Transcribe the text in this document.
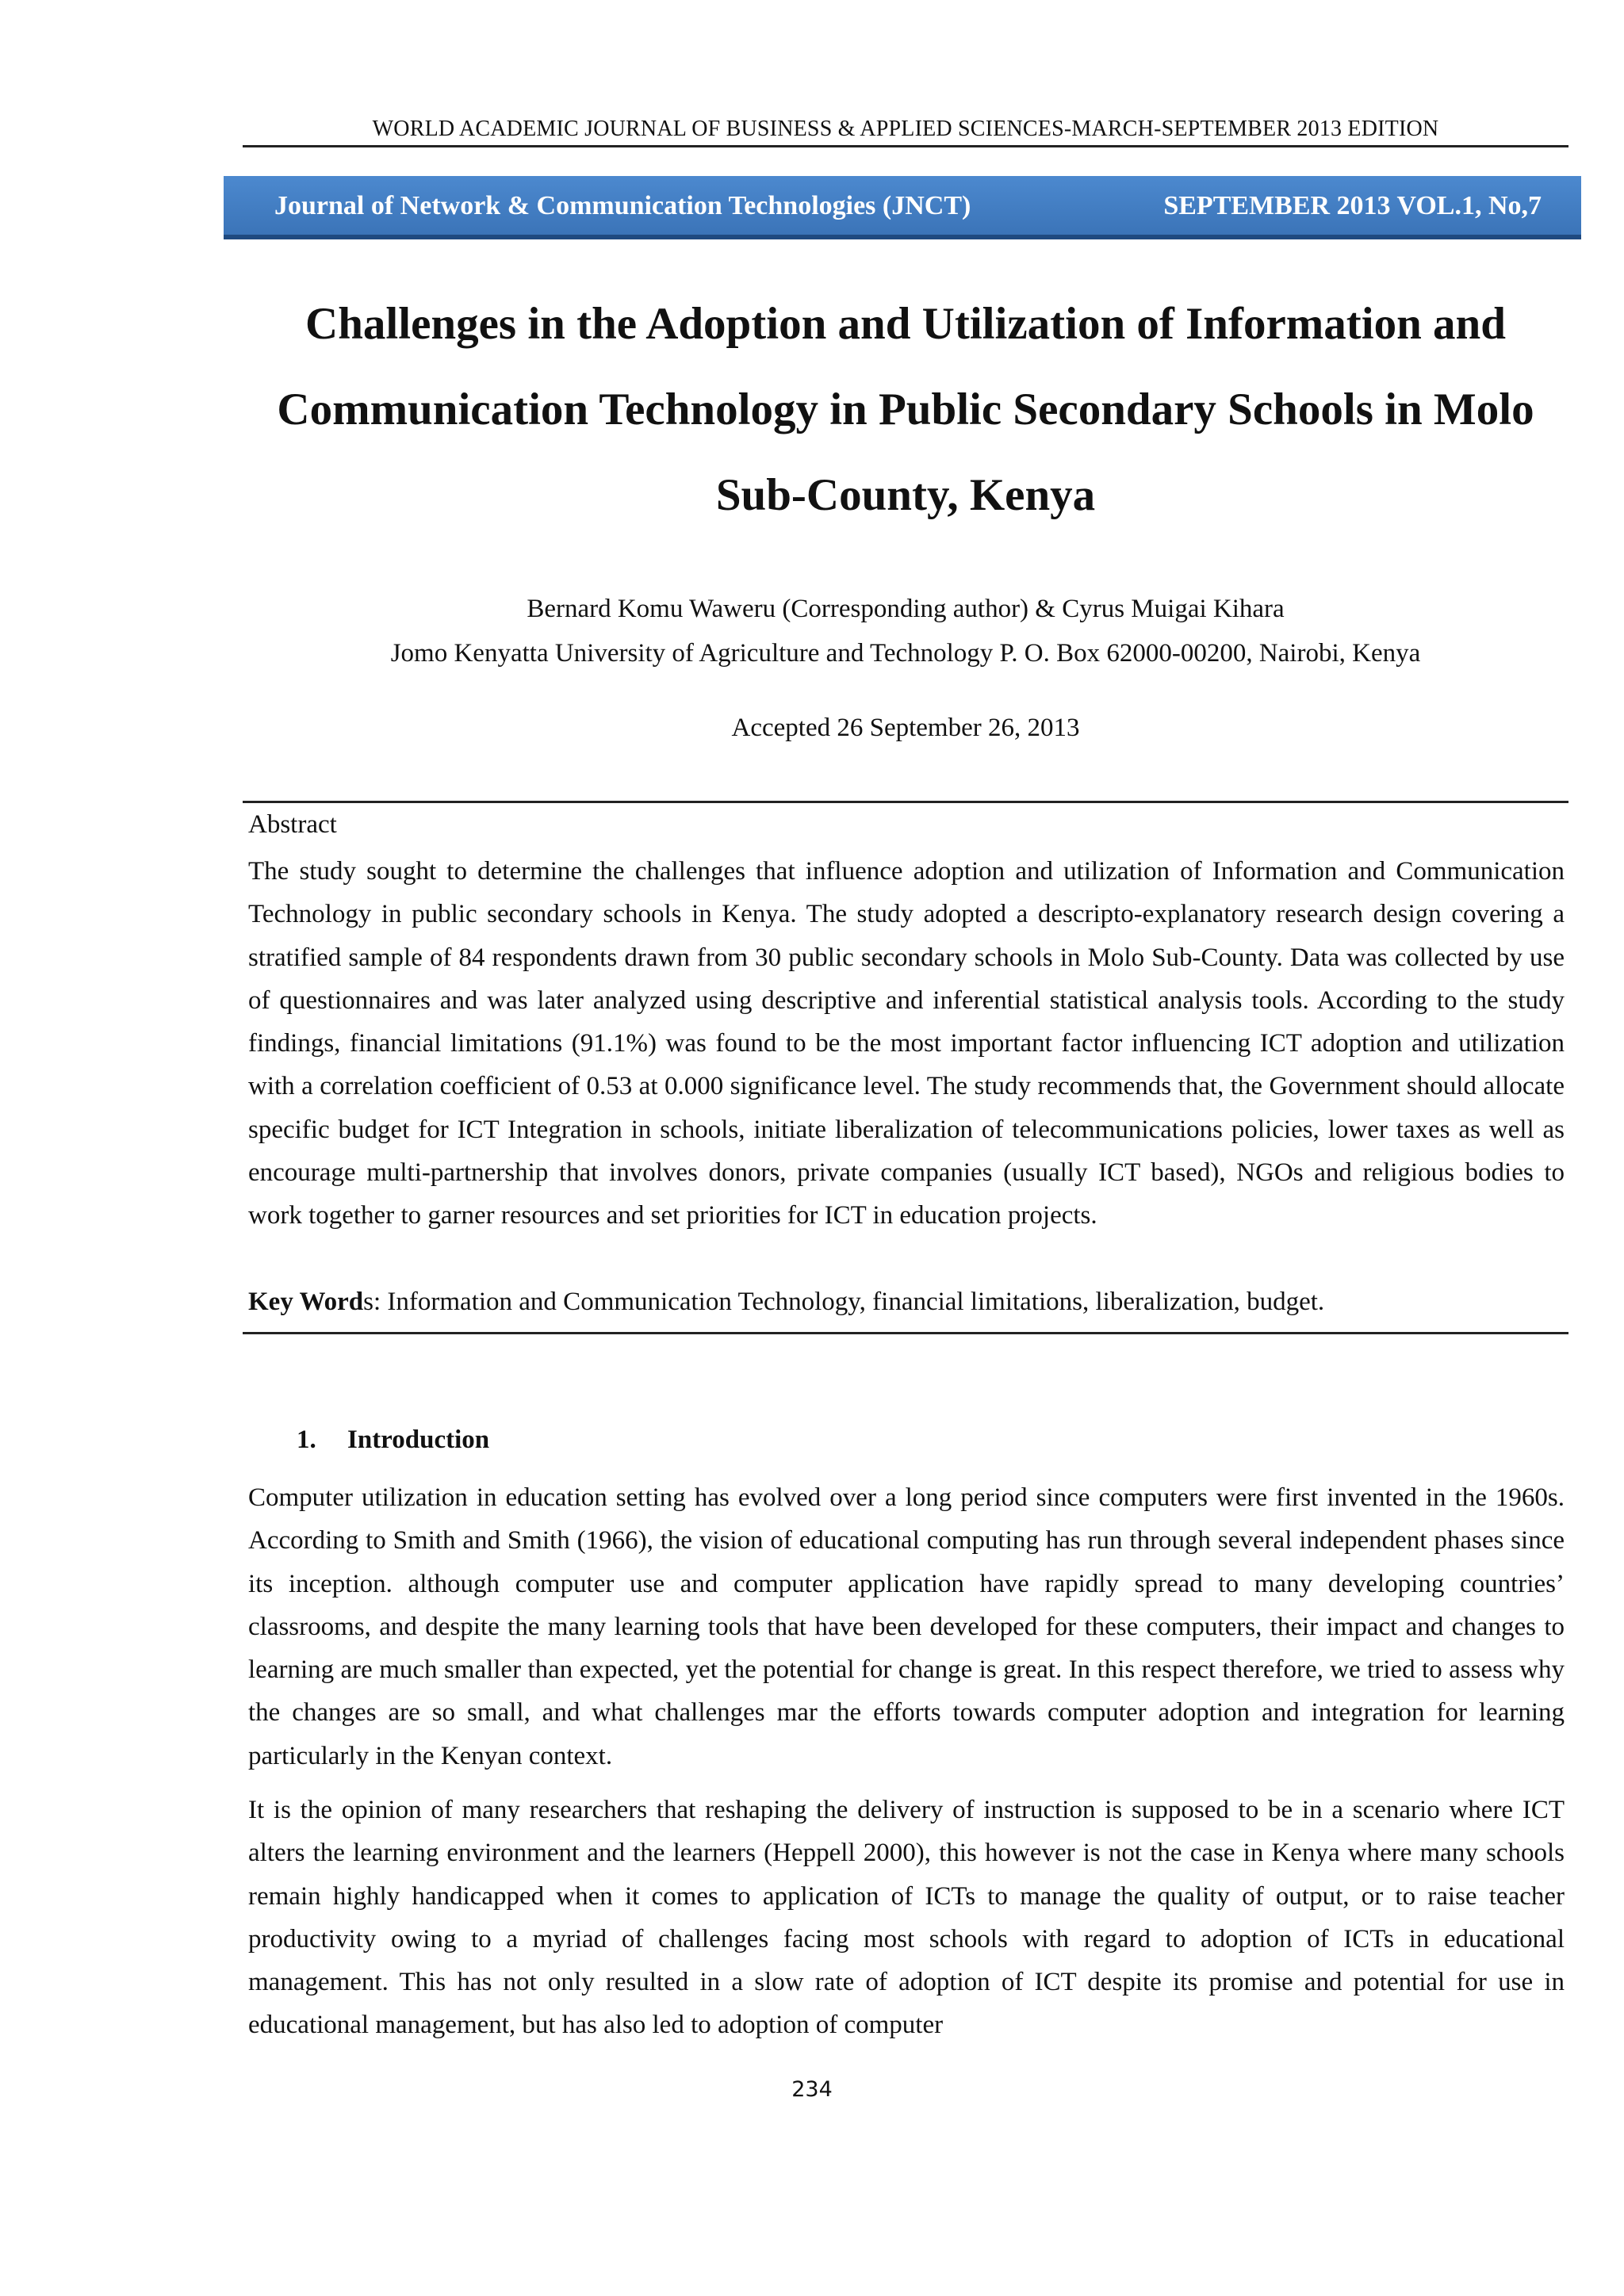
WORLD ACADEMIC JOURNAL OF BUSINESS & APPLIED SCIENCES-MARCH-SEPTEMBER 2013 EDITION
Journal of Network & Communication Technologies (JNCT)	SEPTEMBER 2013 VOL.1, No,7
Challenges in the Adoption and Utilization of Information and
Communication Technology in Public Secondary Schools in Molo
Sub-County, Kenya
Bernard Komu Waweru (Corresponding author) & Cyrus Muigai Kihara
Jomo Kenyatta University of Agriculture and Technology P. O. Box 62000-00200, Nairobi, Kenya
Accepted 26 September 26, 2013
Abstract

The study sought to determine the challenges that influence adoption and utilization of Information and Communication Technology in public secondary schools in Kenya. The study adopted a descripto-explanatory research design covering a stratified sample of 84 respondents drawn from 30 public secondary schools in Molo Sub-County. Data was collected by use of questionnaires and was later analyzed using descriptive and inferential statistical analysis tools. According to the study findings, financial limitations (91.1%) was found to be the most important factor influencing ICT adoption and utilization with a correlation coefficient of 0.53 at 0.000 significance level. The study recommends that, the Government should allocate specific budget for ICT Integration in schools, initiate liberalization of telecommunications policies, lower taxes as well as encourage multi-partnership that involves donors, private companies (usually ICT based), NGOs and religious bodies to work together to garner resources and set priorities for ICT in education projects.

Key Words: Information and Communication Technology, financial limitations, liberalization, budget.
1. Introduction

Computer utilization in education setting has evolved over a long period since computers were first invented in the 1960s. According to Smith and Smith (1966), the vision of educational computing has run through several independent phases since its inception. although computer use and computer application have rapidly spread to many developing countries’ classrooms, and despite the many learning tools that have been developed for these computers, their impact and changes to learning are much smaller than expected, yet the potential for change is great. In this respect therefore, we tried to assess why the changes are so small, and what challenges mar the efforts towards computer adoption and integration for learning particularly in the Kenyan context.

It is the opinion of many researchers that reshaping the delivery of instruction is supposed to be in a scenario where ICT alters the learning environment and the learners (Heppell 2000), this however is not the case in Kenya where many schools remain highly handicapped when it comes to application of ICTs to manage the quality of output, or to raise teacher productivity owing to a myriad of challenges facing most schools with regard to adoption of ICTs in educational management. This has not only resulted in a slow rate of adoption of ICT despite its promise and potential for use in educational management, but has also led to adoption of computer

234
